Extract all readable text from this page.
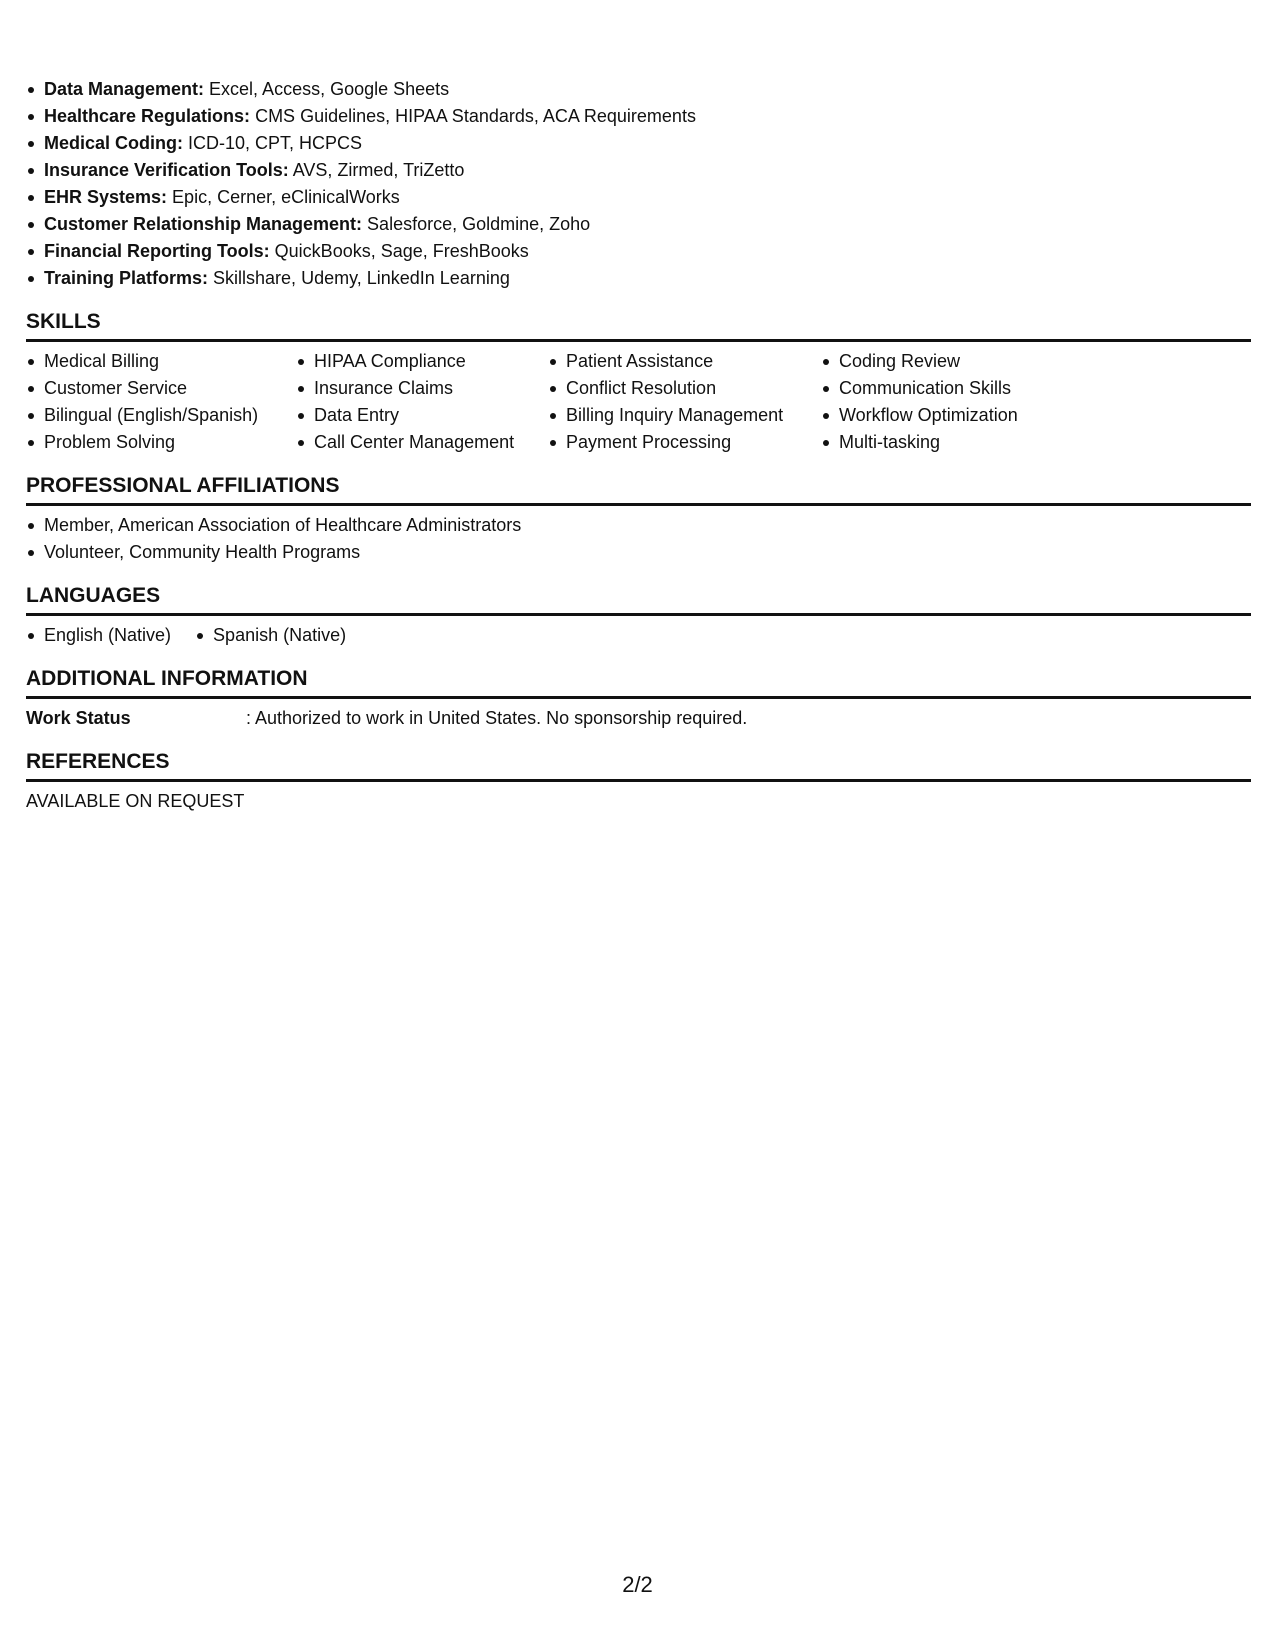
Data Management: Excel, Access, Google Sheets
Healthcare Regulations: CMS Guidelines, HIPAA Standards, ACA Requirements
Medical Coding: ICD-10, CPT, HCPCS
Insurance Verification Tools: AVS, Zirmed, TriZetto
EHR Systems: Epic, Cerner, eClinicalWorks
Customer Relationship Management: Salesforce, Goldmine, Zoho
Financial Reporting Tools: QuickBooks, Sage, FreshBooks
Training Platforms: Skillshare, Udemy, LinkedIn Learning
SKILLS
Medical Billing
Customer Service
Bilingual (English/Spanish)
Problem Solving
HIPAA Compliance
Insurance Claims
Data Entry
Call Center Management
Patient Assistance
Conflict Resolution
Billing Inquiry Management
Payment Processing
Coding Review
Communication Skills
Workflow Optimization
Multi-tasking
PROFESSIONAL AFFILIATIONS
Member, American Association of Healthcare Administrators
Volunteer, Community Health Programs
LANGUAGES
English (Native)	Spanish (Native)
ADDITIONAL INFORMATION
Work Status	: Authorized to work in United States. No sponsorship required.
REFERENCES
AVAILABLE ON REQUEST
2/2
